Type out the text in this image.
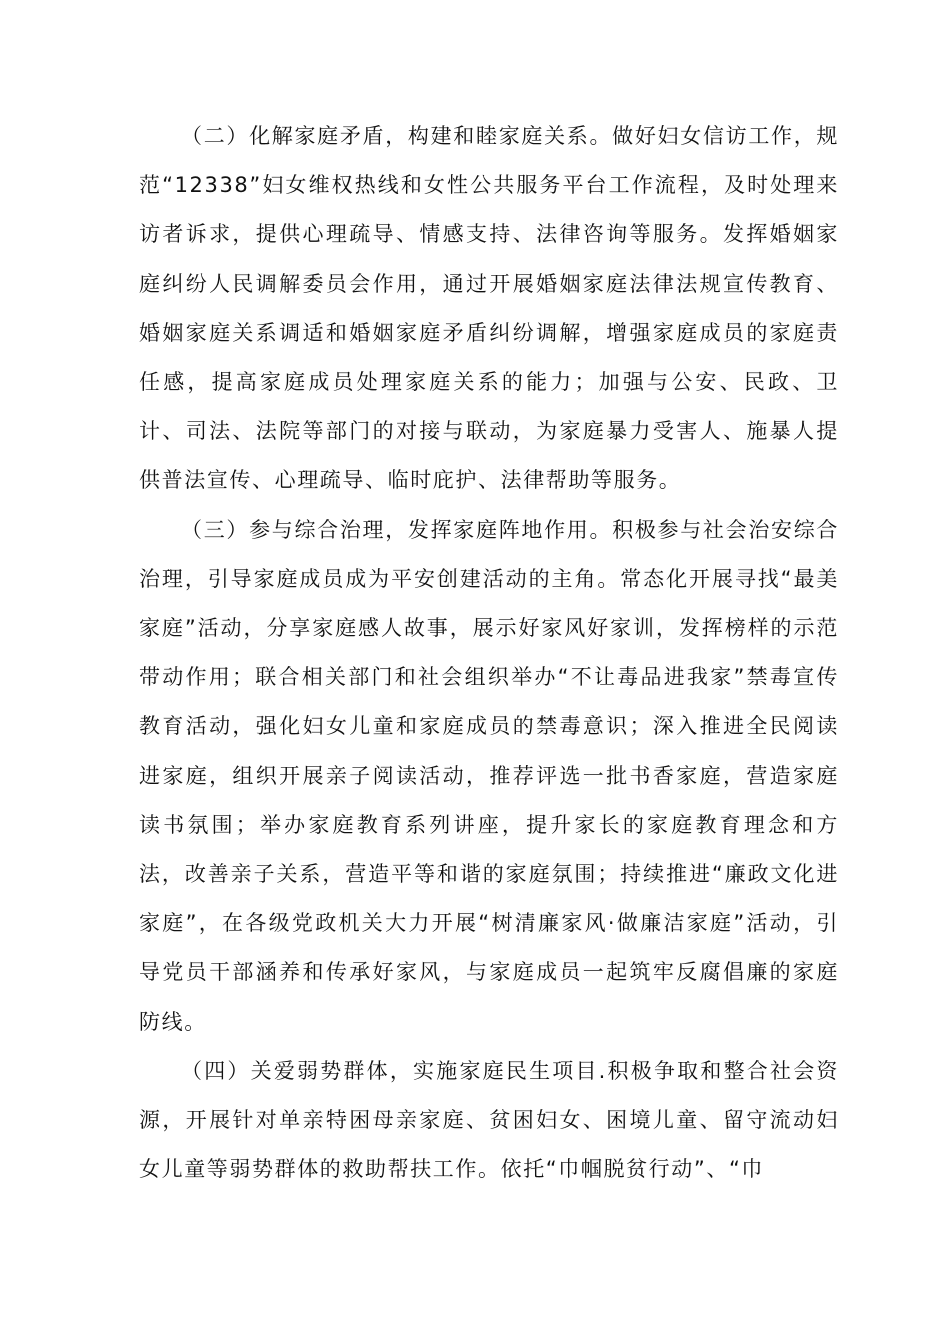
（二）化解家庭矛盾，构建和睦家庭关系。做好妇女信访工作，规范“12338”妇女维权热线和女性公共服务平台工作流程，及时处理来访者诉求，提供心理疏导、情感支持、法律咨询等服务。发挥婚姻家庭纠纷人民调解委员会作用，通过开展婚姻家庭法律法规宣传教育、婚姻家庭关系调适和婚姻家庭矛盾纠纷调解，增强家庭成员的家庭责任感，提高家庭成员处理家庭关系的能力；加强与公安、民政、卫计、司法、法院等部门的对接与联动，为家庭暴力受害人、施暴人提供普法宣传、心理疏导、临时庇护、法律帮助等服务。

（三）参与综合治理，发挥家庭阵地作用。积极参与社会治安综合治理，引导家庭成员成为平安创建活动的主角。常态化开展寻找“最美家庭”活动，分享家庭感人故事，展示好家风好家训，发挥榜样的示范带动作用；联合相关部门和社会组织举办“不让毒品进我家”禁毒宣传教育活动，强化妇女儿童和家庭成员的禁毒意识；深入推进全民阅读进家庭，组织开展亲子阅读活动，推荐评选一批书香家庭，营造家庭读书氛围；举办家庭教育系列讲座，提升家长的家庭教育理念和方法，改善亲子关系，营造平等和谐的家庭氛围；持续推进“廉政文化进家庭”，在各级党政机关大力开展“树清廉家风·做廉洁家庭”活动，引导党员干部涵养和传承好家风，与家庭成员一起筑牢反腐倡廉的家庭防线。

（四）关爱弱势群体，实施家庭民生项目.积极争取和整合社会资源，开展针对单亲特困母亲家庭、贫困妇女、困境儿童、留守流动妇女儿童等弱势群体的救助帮扶工作。依托“巾帼脱贫行动”、“巾
